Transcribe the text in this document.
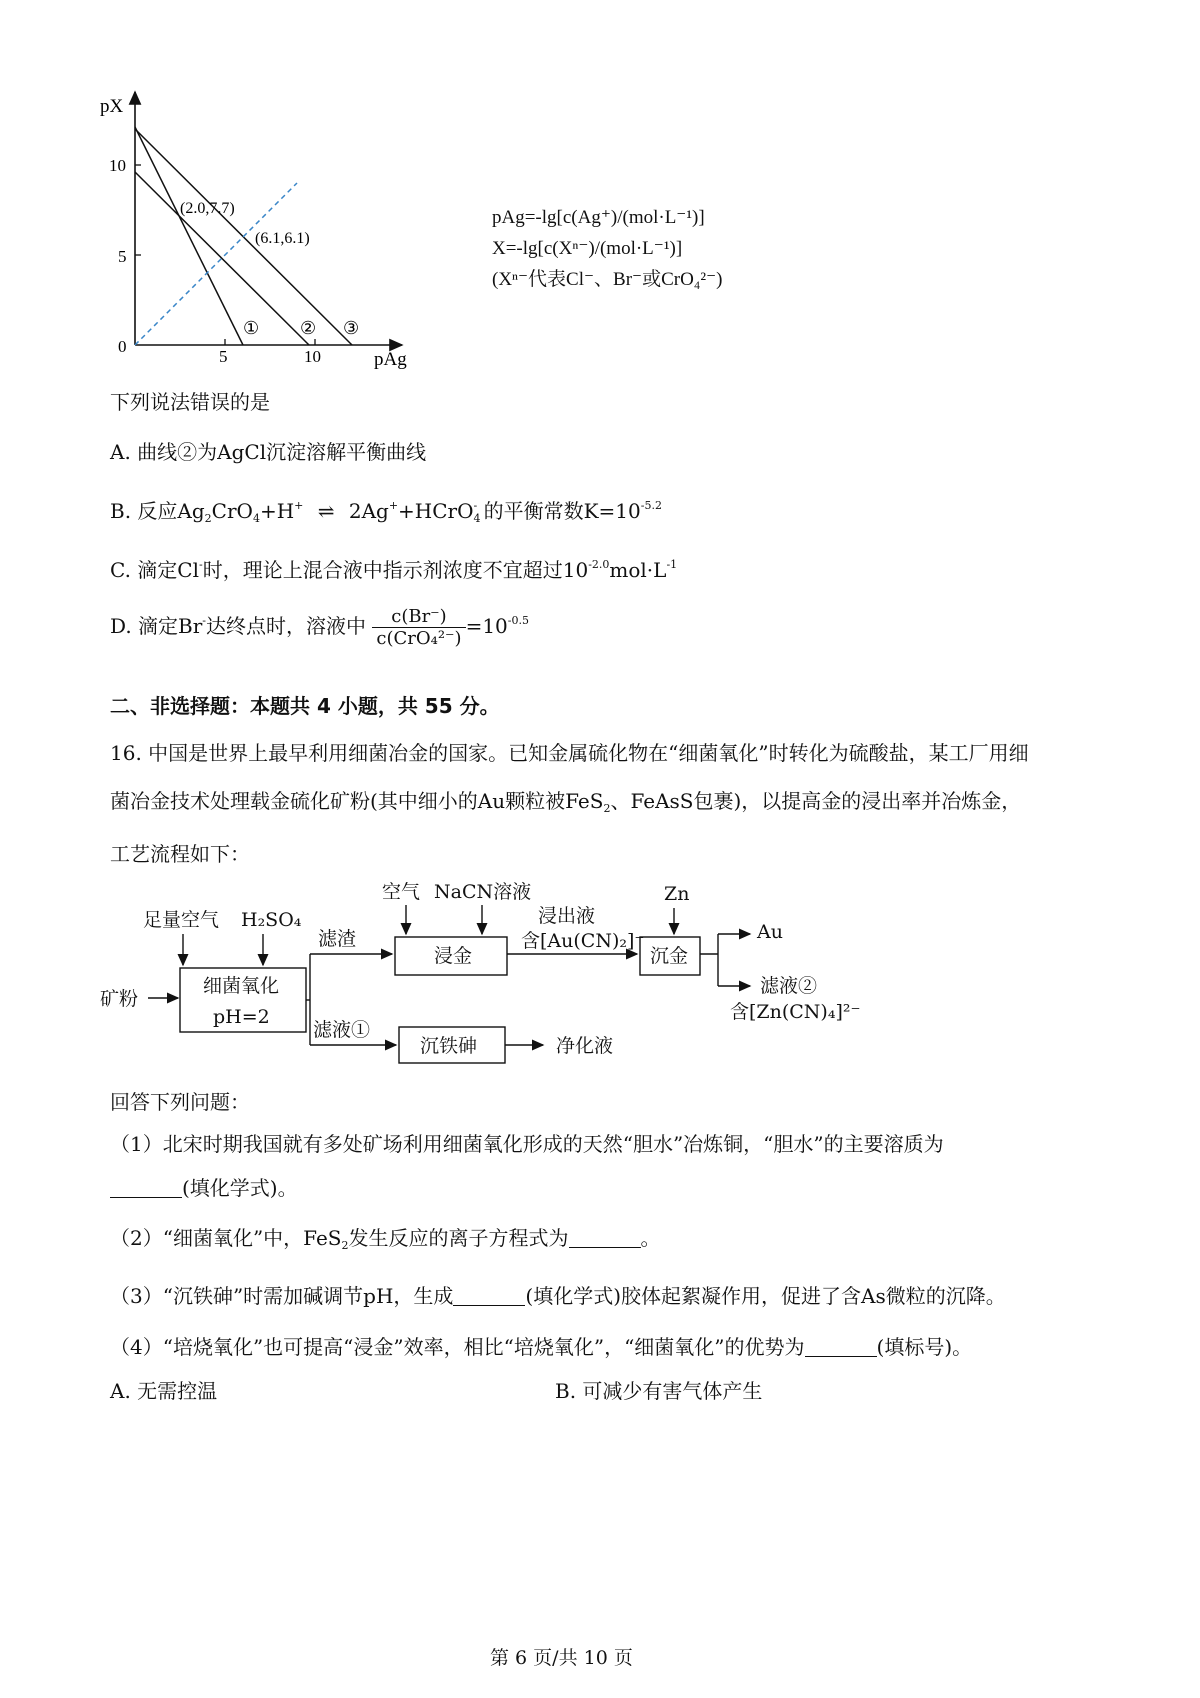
pX
pAg
0
5
10
5	10
(2.0,7.7)
(6.1,6.1)
① ② ③
pAg=-lg[c(Ag⁺)/(mol·L⁻¹)]
X=-lg[c(Xⁿ⁻)/(mol·L⁻¹)]
(Xⁿ⁻代表Cl⁻、Br⁻或CrO₄²⁻)
下列说法错误的是
A. 曲线②为AgCl沉淀溶解平衡曲线
B. 反应$Ag_2CrO_4+H^+$ ⇌ 2Ag++HCrO$_4$- 的平衡常数$K=10^{-5.2}$
C. 滴定Cl-时，理论上混合液中指示剂浓度不宜超过$10^{-2.0}mol\cdot L^{-1}$
D. 滴定Br-达终点时，溶液中 $\frac{c(Br^-)}{\text{c(CrO₄²⁻)}} =10^{-0.5}$
二、非选择题：本题共 4 小题，共 55 分。
16. 中国是世界上最早利用细菌冶金的国家。已知金属硫化物在“细菌氧化”时转化为硫酸盐，某工厂用细
菌冶金技术处理载金硫化矿粉(其中细小的Au颗粒被FeS$_2$、FeAsS包裹)，以提高金的浸出率并冶炼金，
工艺流程如下：
矿粉
足量空气 H₂SO₄
细菌氧化
pH=2
滤渣
滤液①
空气 NaCN溶液
浸金
浸出液
含[Au(CN)₂]⁻
Zn
沉金
Au
滤液②
含[Zn(CN)₄]²⁻
沉铁砷	净化液
回答下列问题：
（1）北宋时期我国就有多处矿场利用细菌氧化形成的天然“胆水”冶炼铜，“胆水”的主要溶质为
(填化学式)。
（2）“细菌氧化”中，FeS$_2$发生反应的离子方程式为	。
（3）“沉铁砷”时需加碱调节pH，生成	(填化学式)胶体起絮凝作用，促进了含As微粒的沉降。
（4）“培烧氧化”也可提高“浸金”效率，相比“培烧氧化”，“细菌氧化”的优势为	(填标号)。
A. 无需控温	B. 可减少有害气体产生
第 6 页/共 10 页
